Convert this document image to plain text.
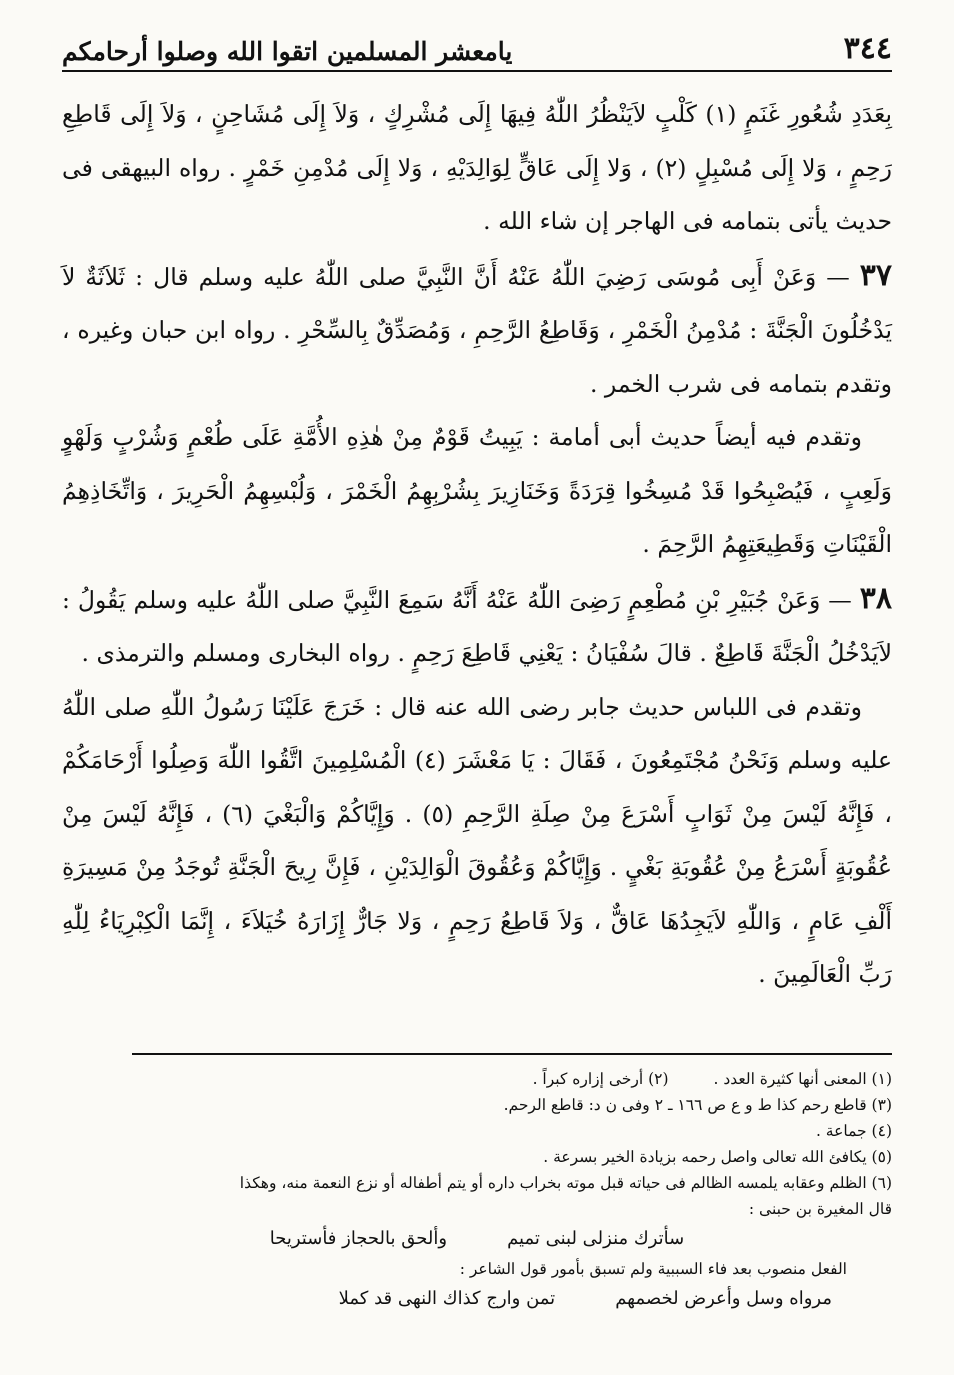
٣٤٤
يامعشر المسلمين اتقوا الله وصلوا أرحامكم

بِعَدَدِ شُعُورِ غَنَمٍ (١) كَلْبٍ لاَيَنْظُرُ اللّٰهُ فِيهَا إِلَى مُشْرِكٍ ، وَلاَ إِلَى مُشَاحِنٍ ، وَلاَ إِلَى قَاطِعِ رَحِمٍ ، وَلا إِلَى مُسْبِلٍ (٢) ، وَلا إِلَى عَاقٍّ لِوَالِدَيْهِ ، وَلا إِلَى مُدْمِنِ خَمْرٍ . رواه البيهقى فى حديث يأتى بتمامه فى الهاجر إن شاء الله .

٣٧ — وَعَنْ أَبِى مُوسَى رَضِيَ اللّٰهُ عَنْهُ أَنَّ النَّبِيَّ صلى اللّٰهُ عليه وسلم قال : ثَلاَثَةٌ لاَ يَدْخُلُونَ الْجَنَّةَ : مُدْمِنُ الْخَمْرِ ، وَقَاطِعُ الرَّحِمِ ، وَمُصَدِّقٌ بِالسِّحْرِ . رواه ابن حبان وغيره ، وتقدم بتمامه فى شرب الخمر .

وتقدم فيه أيضاً حديث أبى أمامة : يَبِيتُ قَوْمٌ مِنْ هٰذِهِ الأُمَّةِ عَلَى طُعْمٍ وَشُرْبٍ وَلَهْوٍ وَلَعِبٍ ، فَيُصْبِحُوا قَدْ مُسِخُوا قِرَدَةً وَخَنَازِيرَ بِشُرْبِهِمُ الْخَمْرَ ، وَلُبْسِهِمُ الْحَرِيرَ ، وَاتِّخَاذِهِمُ الْقَيْنَاتِ وَقَطِيعَتِهِمُ الرَّحِمَ .

٣٨ — وَعَنْ جُبَيْرِ بْنِ مُطْعِمٍ رَضِىَ اللّٰهُ عَنْهُ أَنَّهُ سَمِعَ النَّبِيَّ صلى اللّٰهُ عليه وسلم يَقُولُ : لاَيَدْخُلُ الْجَنَّةَ قَاطِعٌ . قالَ سُفْيَانُ : يَعْنِي قَاطِعَ رَحِمٍ . رواه البخارى ومسلم والترمذى .

وتقدم فى اللباس حديث جابر رضى الله عنه قال : خَرَجَ عَلَيْنَا رَسُولُ اللّٰهِ صلى اللّٰهُ عليه وسلم وَنَحْنُ مُجْتَمِعُونَ ، فَقَالَ : يَا مَعْشَرَ (٤) الْمُسْلِمِينَ اتَّقُوا اللّٰهَ وَصِلُوا أَرْحَامَكُمْ ، فَإِنَّهُ لَيْسَ مِنْ ثَوَابٍ أَسْرَعَ مِنْ صِلَةِ الرَّحِمِ (٥) . وَإِيَّاكُمْ وَالْبَغْيَ (٦) ، فَإِنَّهُ لَيْسَ مِنْ عُقُوبَةٍ أَسْرَعُ مِنْ عُقُوبَةِ بَغْيٍ . وَإِيَّاكُمْ وَعُقُوقَ الْوَالِدَيْنِ ، فَإِنَّ رِيحَ الْجَنَّةِ تُوجَدُ مِنْ مَسِيرَةِ أَلْفِ عَامٍ ، وَاللّٰهِ لاَيَجِدُهَا عَاقٌّ ، وَلاَ قَاطِعُ رَحِمٍ ، وَلا جَارٌّ إِزَارَهُ خُيَلاَءَ ، إِنَّمَا الْكِبْرِيَاءُ لِلّٰهِ رَبِّ الْعَالَمِينَ .

(١) المعنى أنها كثيرة العدد . (٢) أرخى إزاره كبراً .
(٣) قاطع رحم كذا ط و ع ص ١٦٦ ـ ٢ وفى ن د: قاطع الرحم.
(٤) جماعة .
(٥) يكافئ الله تعالى واصل رحمه بزيادة الخير بسرعة .
(٦) الظلم وعقابه يلمسه الظالم فى حياته قبل موته بخراب داره أو يتم أطفاله أو نزع النعمة منه، وهكذا
قال المغيرة بن حبنى :
سأترك منزلى لبنى تميم
وألحق بالحجاز فأستريحا
الفعل منصوب بعد فاء السببية ولم تسبق بأمور قول الشاعر :
مرواه وسل وأعرض لخصمهم
تمن وارج كذاك النهى قد كملا
